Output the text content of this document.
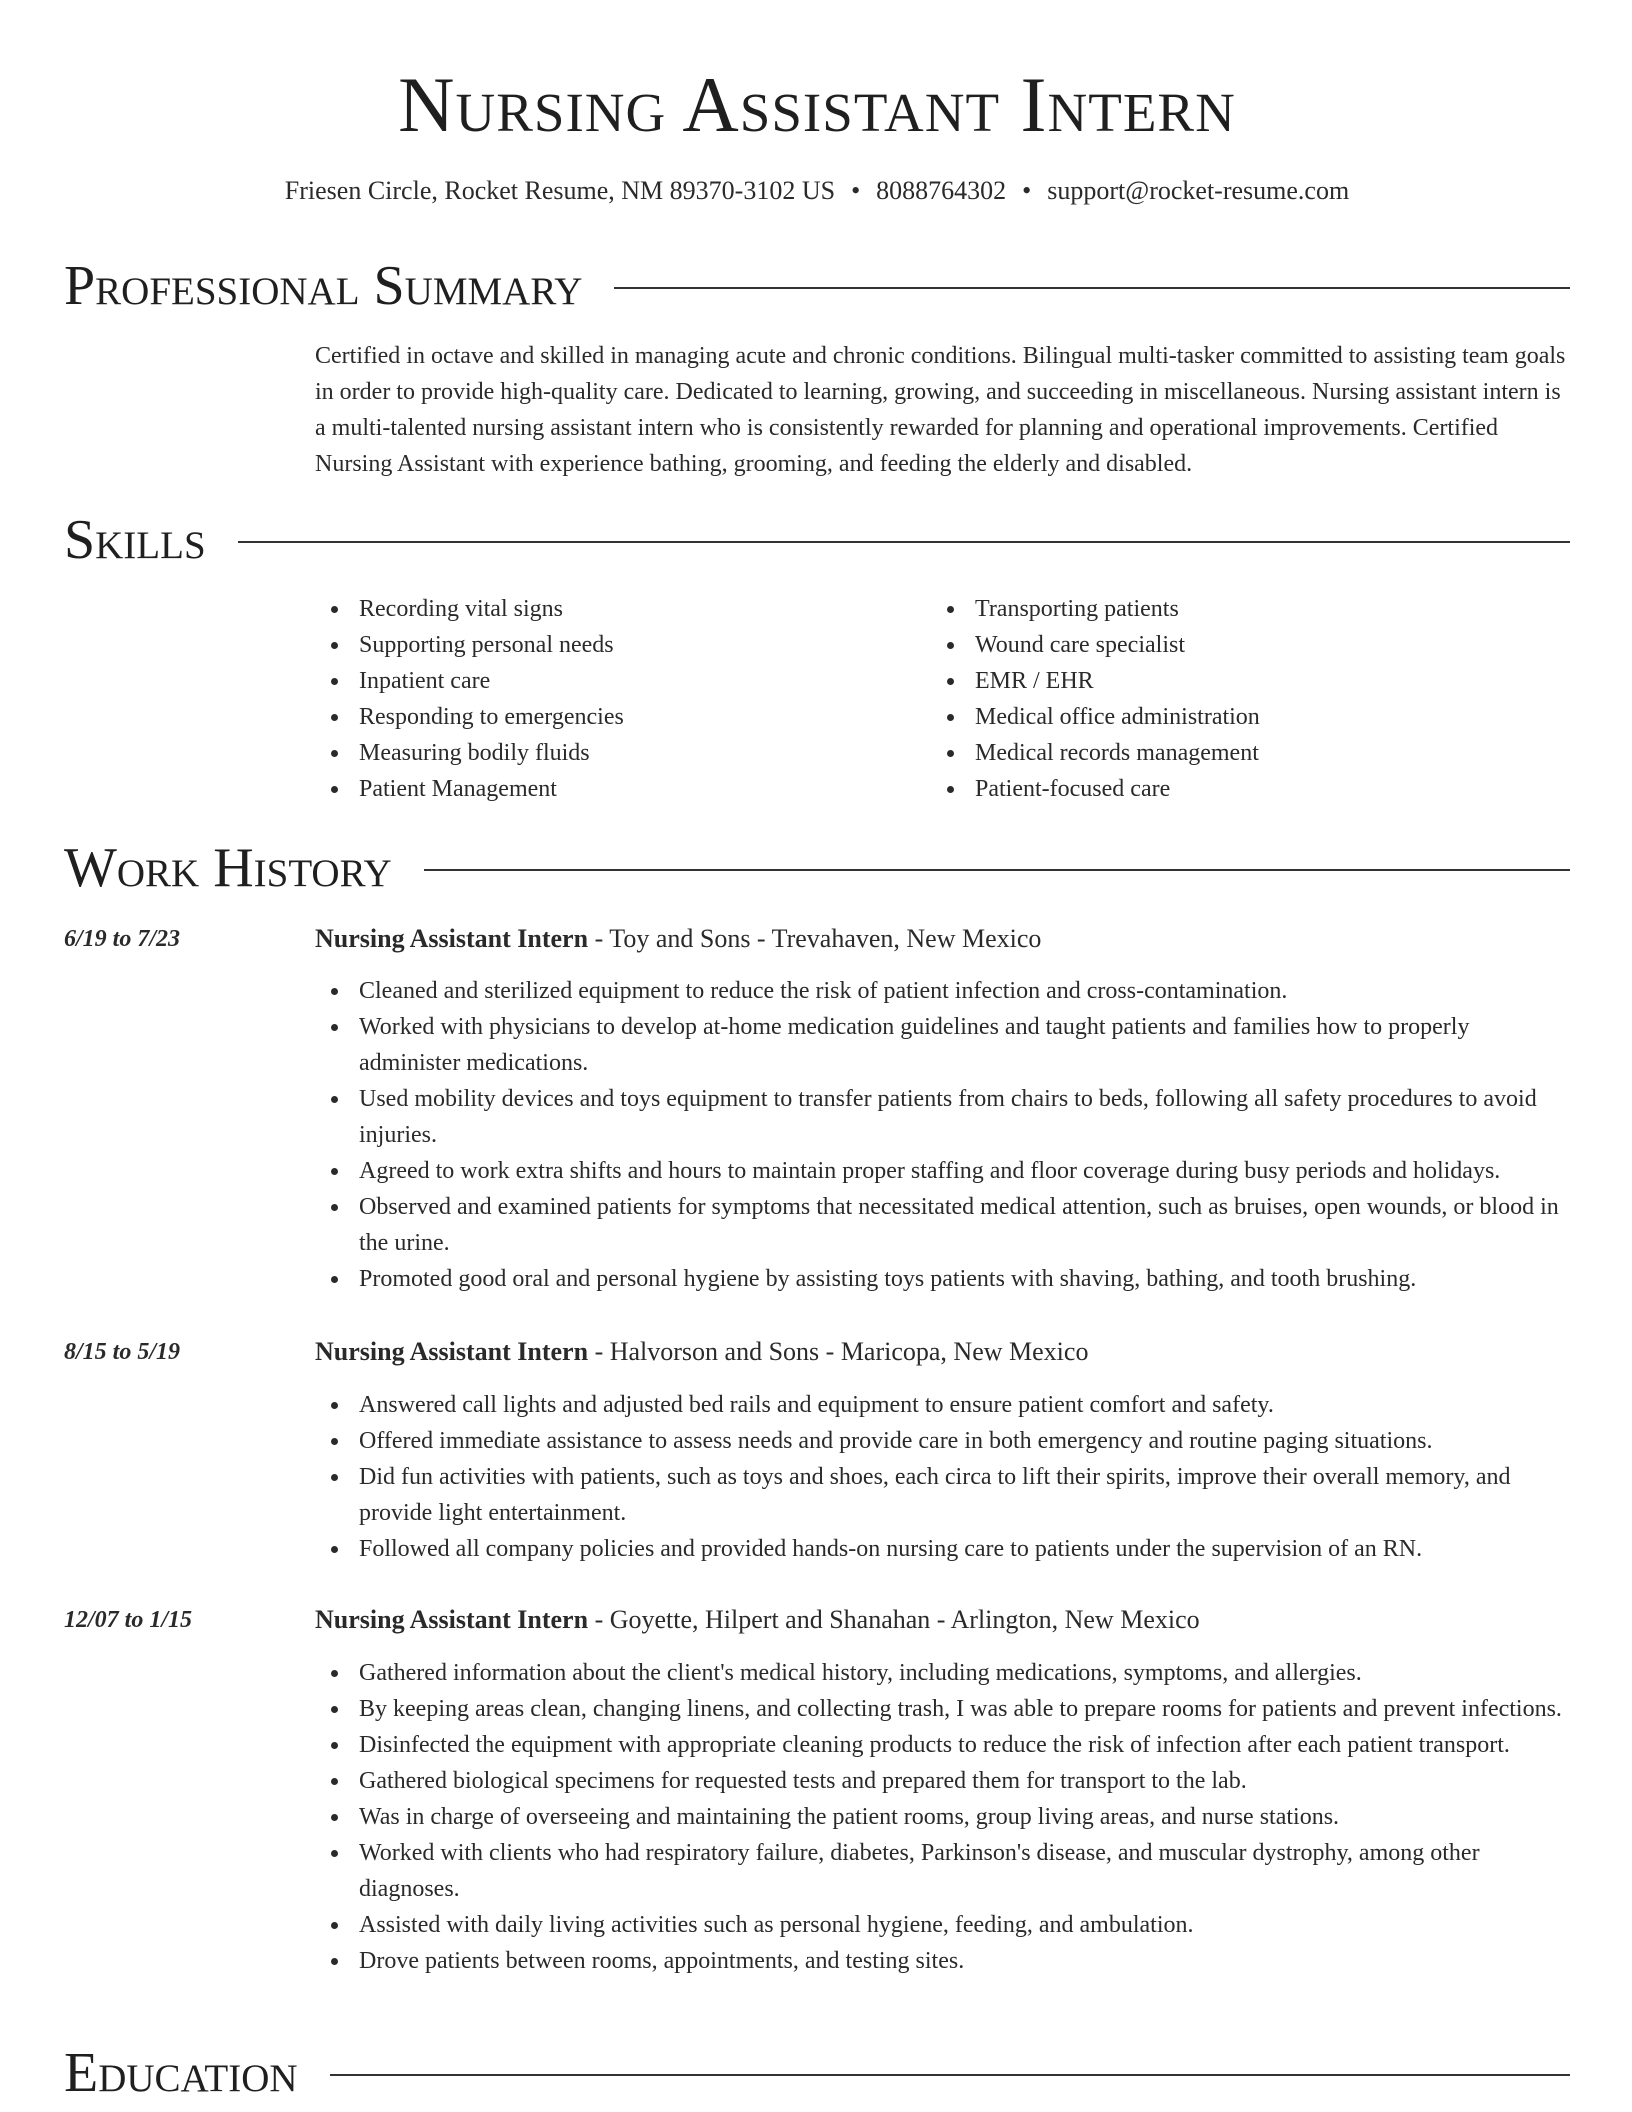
Nursing Assistant Intern
Friesen Circle, Rocket Resume, NM 89370-3102 US • 8088764302 • support@rocket-resume.com
Professional Summary
Certified in octave and skilled in managing acute and chronic conditions. Bilingual multi-tasker committed to assisting team goals in order to provide high-quality care. Dedicated to learning, growing, and succeeding in miscellaneous. Nursing assistant intern is a multi-talented nursing assistant intern who is consistently rewarded for planning and operational improvements. Certified Nursing Assistant with experience bathing, grooming, and feeding the elderly and disabled.
Skills
Recording vital signs
Supporting personal needs
Inpatient care
Responding to emergencies
Measuring bodily fluids
Patient Management
Transporting patients
Wound care specialist
EMR / EHR
Medical office administration
Medical records management
Patient-focused care
Work History
6/19 to 7/23	Nursing Assistant Intern - Toy and Sons - Trevahaven, New Mexico
Cleaned and sterilized equipment to reduce the risk of patient infection and cross-contamination.
Worked with physicians to develop at-home medication guidelines and taught patients and families how to properly administer medications.
Used mobility devices and toys equipment to transfer patients from chairs to beds, following all safety procedures to avoid injuries.
Agreed to work extra shifts and hours to maintain proper staffing and floor coverage during busy periods and holidays.
Observed and examined patients for symptoms that necessitated medical attention, such as bruises, open wounds, or blood in the urine.
Promoted good oral and personal hygiene by assisting toys patients with shaving, bathing, and tooth brushing.
8/15 to 5/19	Nursing Assistant Intern - Halvorson and Sons - Maricopa, New Mexico
Answered call lights and adjusted bed rails and equipment to ensure patient comfort and safety.
Offered immediate assistance to assess needs and provide care in both emergency and routine paging situations.
Did fun activities with patients, such as toys and shoes, each circa to lift their spirits, improve their overall memory, and provide light entertainment.
Followed all company policies and provided hands-on nursing care to patients under the supervision of an RN.
12/07 to 1/15	Nursing Assistant Intern - Goyette, Hilpert and Shanahan - Arlington, New Mexico
Gathered information about the client's medical history, including medications, symptoms, and allergies.
By keeping areas clean, changing linens, and collecting trash, I was able to prepare rooms for patients and prevent infections.
Disinfected the equipment with appropriate cleaning products to reduce the risk of infection after each patient transport.
Gathered biological specimens for requested tests and prepared them for transport to the lab.
Was in charge of overseeing and maintaining the patient rooms, group living areas, and nurse stations.
Worked with clients who had respiratory failure, diabetes, Parkinson's disease, and muscular dystrophy, among other diagnoses.
Assisted with daily living activities such as personal hygiene, feeding, and ambulation.
Drove patients between rooms, appointments, and testing sites.
Education
